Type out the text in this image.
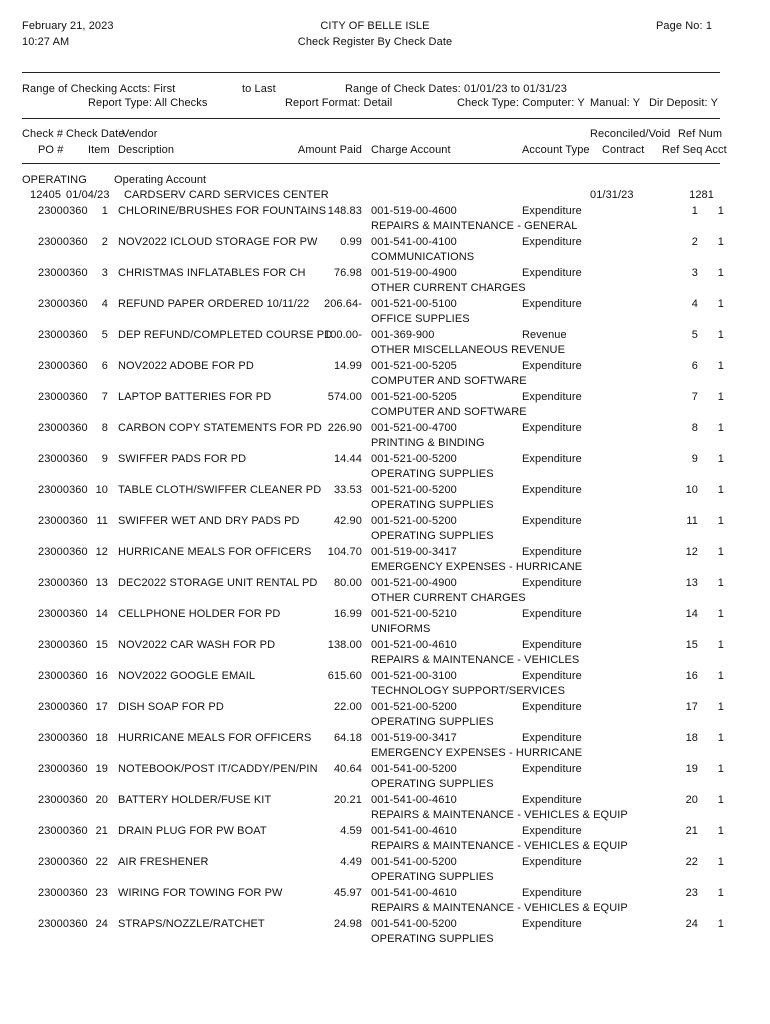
February 21, 2023
10:27 AM
CITY OF BELLE ISLE
Check Register By Check Date
Page No: 1
Range of Checking Accts: First	to Last	Range of Check Dates: 01/01/23 to 01/31/23
Report Type: All Checks	Report Format: Detail	Check Type: Computer: Y Manual: Y Dir Deposit: Y
Check # Check Date
Vendor
PO # Item Description	Amount Paid Charge Account	Account Type
Reconciled/Void Ref Num
Contract Ref Seq Acct
OPERATING Operating Account
12405 01/04/23 CARDSERV CARD SERVICES CENTER	01/31/23	1281
23000360	1 CHLORINE/BRUSHES FOR FOUNTAINS 148.83 001-519-00-4600
REPAIRS & MAINTENANCE - GENERAL
Expenditure	1	1
23000360	2 NOV2022 ICLOUD STORAGE FOR PW	0.99 001-541-00-4100
COMMUNICATIONS
Expenditure	2	1
23000360	3 CHRISTMAS INFLATABLES FOR CH	76.98 001-519-00-4900
OTHER CURRENT CHARGES
Expenditure	3	1
23000360	4 REFUND PAPER ORDERED 10/11/22	206.64- 001-521-00-5100
OFFICE SUPPLIES
Expenditure	4	1
23000360	5 DEP REFUND/COMPLETED COURSE PD
100.00- 001-369-900
OTHER MISCELLANEOUS REVENUE
Revenue	5	1
23000360	6 NOV2022 ADOBE FOR PD	14.99 001-521-00-5205
COMPUTER AND SOFTWARE
Expenditure	6	1
23000360	7 LAPTOP BATTERIES FOR PD	574.00 001-521-00-5205
COMPUTER AND SOFTWARE
Expenditure	7	1
23000360	8 CARBON COPY STATEMENTS FOR PD 226.90 001-521-00-4700
PRINTING & BINDING
Expenditure	8	1
23000360	9 SWIFFER PADS FOR PD	14.44 001-521-00-5200
OPERATING SUPPLIES
Expenditure	9	1
23000360 10 TABLE CLOTH/SWIFFER CLEANER PD	33.53 001-521-00-5200
OPERATING SUPPLIES
Expenditure	10	1
23000360 11 SWIFFER WET AND DRY PADS PD	42.90 001-521-00-5200
OPERATING SUPPLIES
Expenditure	11	1
23000360 12 HURRICANE MEALS FOR OFFICERS	104.70 001-519-00-3417
EMERGENCY EXPENSES - HURRICANE
Expenditure	12	1
23000360 13 DEC2022 STORAGE UNIT RENTAL PD	80.00 001-521-00-4900
OTHER CURRENT CHARGES
Expenditure	13	1
23000360 14 CELLPHONE HOLDER FOR PD	16.99 001-521-00-5210
UNIFORMS
Expenditure	14	1
23000360 15 NOV2022 CAR WASH FOR PD	138.00 001-521-00-4610
REPAIRS & MAINTENANCE - VEHICLES
Expenditure	15	1
23000360 16 NOV2022 GOOGLE EMAIL	615.60 001-521-00-3100
TECHNOLOGY SUPPORT/SERVICES
Expenditure	16	1
23000360 17 DISH SOAP FOR PD	22.00 001-521-00-5200
OPERATING SUPPLIES
Expenditure	17	1
23000360 18 HURRICANE MEALS FOR OFFICERS	64.18 001-519-00-3417
EMERGENCY EXPENSES - HURRICANE
Expenditure	18	1
23000360 19 NOTEBOOK/POST IT/CADDY/PEN/PIN	40.64 001-541-00-5200
OPERATING SUPPLIES
Expenditure	19	1
23000360 20 BATTERY HOLDER/FUSE KIT	20.21 001-541-00-4610
REPAIRS & MAINTENANCE - VEHICLES & EQUIP
Expenditure	20	1
23000360 21 DRAIN PLUG FOR PW BOAT	4.59 001-541-00-4610
REPAIRS & MAINTENANCE - VEHICLES & EQUIP
Expenditure	21	1
23000360 22 AIR FRESHENER	4.49 001-541-00-5200
OPERATING SUPPLIES
Expenditure	22	1
23000360 23 WIRING FOR TOWING FOR PW	45.97 001-541-00-4610
REPAIRS & MAINTENANCE - VEHICLES & EQUIP
Expenditure	23	1
23000360 24 STRAPS/NOZZLE/RATCHET	24.98 001-541-00-5200
OPERATING SUPPLIES
Expenditure	24	1
